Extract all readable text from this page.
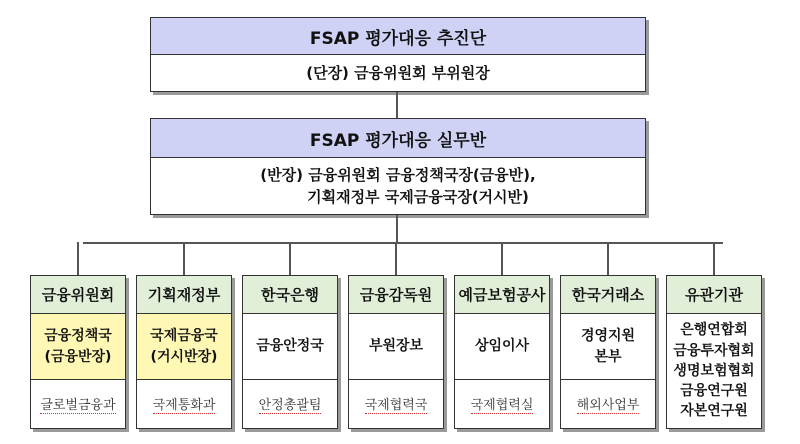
FSAP 평가대응 추진단
(단장) 금융위원회 부위원장
FSAP 평가대응 실무반
(반장) 금융위원회 금융정책국장(금융반),
기획재정부 국제금융국장(거시반)
금융위원회
금융정책국
(금융반장)
글로벌금융과
기획재정부
국제금융국
(거시반장)
국제통화과
한국은행
금융안정국
안정총괄팀
금융감독원
부원장보
국제협력국
예금보험공사
상임이사
국제협력실
한국거래소
경영지원
본부
해외사업부
유관기관
은행연합회
금융투자협회
생명보험협회
금융연구원
자본연구원
